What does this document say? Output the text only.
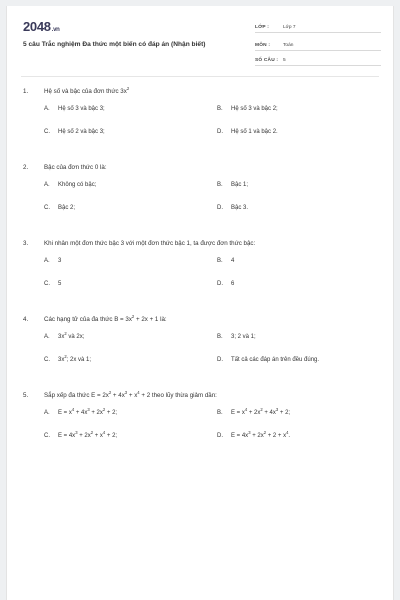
2048.vn
5 câu Trắc nghiệm Đa thức một biến có đáp án (Nhận biết)
LỚP :	Lớp 7
MÔN :	Toán
SỐ CÂU : 5
1.	Hệ số và bậc của đơn thức $3x^2$
A. Hệ số 3 và bậc 3;	B. Hệ số 3 và bậc 2;
C. Hệ số 2 và bậc 3;	D. Hệ số 1 và bậc 2.
2.	Bậc của đơn thức 0 là:
A. Không có bậc;	B. Bậc 1;
C. Bậc 2;	D. Bậc 3.
3.	Khi nhân một đơn thức bậc 3 với một đơn thức bậc 1, ta được đơn thức bậc:
A. 3	B. 4
C. 5	D. 6
4.	Các hạng tử của đa thức $B = 3x^2 + 2x + 1$ là:
A. $3x^2$ và 2x;	B. 3; 2 và 1;
C. $3x^2$; 2x và 1;	D. Tất cả các đáp án trên đều đúng.
5.	Sắp xếp đa thức $E = 2x^2 + 4x^3 + x^4 + 2$ theo lũy thừa giảm dần:
A. $E = x^4 + 4x^3 + 2x^2 + 2$;	B. $E = x^4 + 2x^2 + 4x^3 + 2$;
C. $E = 4x^3 + 2x^2 + x^4 + 2$;	D. $E = 4x^3 + 2x^2 + 2 + x^4$.
